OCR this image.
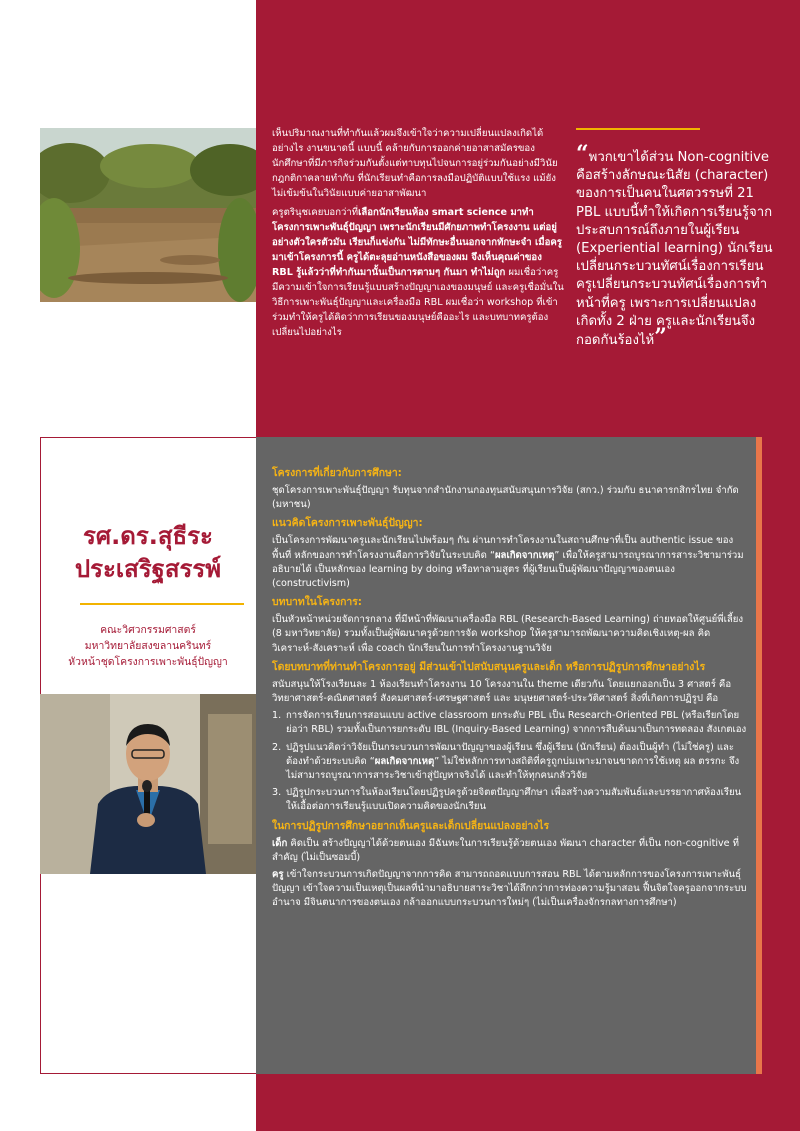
เห็นปริมาณงานที่ทำกันแล้วผมจึงเข้าใจว่าความเปลี่ยนแปลงเกิดได้อย่างไร งานขนาดนี้ แบบนี้ คล้ายกับการออกค่ายอาสาสมัครของนักศึกษาที่มีภารกิจร่วมกันตั้งแต่ทาบทุนไปจนการอยู่ร่วมกันอย่างมีวินัยกฎกติกาคลายทำกับ ที่นักเรียนทำคือการลงมือปฏิบัติแบบใช้แรง แม้ยังไม่เข้มข้นในวินัยแบบค่ายอาสาพัฒนา

ครูตรินุชเคยบอกว่าที่เลือกนักเรียนห้อง smart science มาทำโครงการเพาะพันธุ์ปัญญา เพราะนักเรียนมีศักยภาพทำโครงงาน แต่อยู่อย่างตัวใครตัวมัน เรียนก็แข่งกัน ไม่มีทักษะอื่นนอกจากทักษะจำ เมื่อครูมาเข้าโครงการนี้ ครูได้ตะลุยอ่านหนังสือของผม จึงเห็นคุณค่าของ RBL รู้แล้วว่าที่ทำกันมานั้นเป็นการตามๆ กันมา ทำไม่ถูก ผมเชื่อว่าครูมีความเข้าใจการเรียนรู้แบบสร้างปัญญาเองของมนุษย์ และครูเชื่อมั่นในวิธีการเพาะพันธุ์ปัญญาและเครื่องมือ RBL ผมเชื่อว่า workshop ที่เข้าร่วมทำให้ครูได้คิดว่าการเรียนของมนุษย์คืออะไร และบทบาทครูต้องเปลี่ยนไปอย่างไร

“พวกเขาได้ส่วน Non-cognitive คือสร้างลักษณะนิสัย (character) ของการเป็นคนในศตวรรษที่ 21 PBL แบบนี้ทำให้เกิดการเรียนรู้จากประสบการณ์ถึงภายในผู้เรียน (Experiential learning) นักเรียนเปลี่ยนกระบวนทัศน์เรื่องการเรียน ครูเปลี่ยนกระบวนทัศน์เรื่องการทำหน้าที่ครู เพราะการเปลี่ยนแปลงเกิดทั้ง 2 ฝ่าย ครูและนักเรียนจึงกอดกันร้องไห้”
รศ.ดร.สุธีระ
ประเสริฐสรรพ์
คณะวิศวกรรมศาสตร์
มหาวิทยาลัยสงขลานครินทร์
หัวหน้าชุดโครงการเพาะพันธุ์ปัญญา
โครงการที่เกี่ยวกับการศึกษา:

ชุดโครงการเพาะพันธุ์ปัญญา รับทุนจากสำนักงานกองทุนสนับสนุนการวิจัย (สกว.) ร่วมกับ ธนาคารกสิกรไทย จำกัด (มหาชน)

แนวคิดโครงการเพาะพันธุ์ปัญญา:

เป็นโครงการพัฒนาครูและนักเรียนไปพร้อมๆ กัน ผ่านการทำโครงงานในสถานศึกษาที่เป็น authentic issue ของพื้นที่ หลักของการทำโครงงานคือการวิจัยในระบบคิด “ผลเกิดจากเหตุ” เพื่อให้ครูสามารถบูรณาการสาระวิชามาร่วมอธิบายได้ เป็นหลักของ learning by doing หรือทาลามสูตร ที่ผู้เรียนเป็นผู้พัฒนาปัญญาของตนเอง (constructivism)

บทบาทในโครงการ:

เป็นหัวหน้าหน่วยจัดการกลาง ที่มีหน้าที่พัฒนาเครื่องมือ RBL (Research-Based Learning) ถ่ายทอดให้ศูนย์พี่เลี้ยง (8 มหาวิทยาลัย) รวมทั้งเป็นผู้พัฒนาครูด้วยการจัด workshop ให้ครูสามารถพัฒนาความคิดเชิงเหตุ-ผล คิดวิเคราะห์-สังเคราะห์ เพื่อ coach นักเรียนในการทำโครงงานฐานวิจัย

โดยบทบาทที่ท่านทำโครงการอยู่ มีส่วนเข้าไปสนับสนุนครูและเด็ก หรือการปฏิรูปการศึกษาอย่างไร

สนับสนุนให้โรงเรียนละ 1 ห้องเรียนทำโครงงาน 10 โครงงานใน theme เดียวกัน โดยแยกออกเป็น 3 ศาสตร์ คือ วิทยาศาสตร์-คณิตศาสตร์ สังคมศาสตร์-เศรษฐศาสตร์ และ มนุษยศาสตร์-ประวัติศาสตร์ สิ่งที่เกิดการปฏิรูป คือ

1. การจัดการเรียนการสอนแบบ active classroom ยกระดับ PBL เป็น Research-Oriented PBL (หรือเรียกโดยย่อว่า RBL) รวมทั้งเป็นการยกระดับ IBL (Inquiry-Based Learning) จากการสืบค้นมาเป็นการทดลอง สังเกตเอง
2. ปฏิรูปแนวคิดว่าวิจัยเป็นกระบวนการพัฒนาปัญญาของผู้เรียน ซึ่งผู้เรียน (นักเรียน) ต้องเป็นผู้ทำ (ไม่ใช่ครู) และต้องทำด้วยระบบคิด “ผลเกิดจากเหตุ” ไม่ใช่หลักการทางสถิติที่ครูถูกบ่มเพาะมาจนขาดการใช้เหตุ ผล ตรรกะ จึงไม่สามารถบูรณาการสาระวิชาเข้าสู่ปัญหาจริงได้ และทำให้ทุกคนกลัววิจัย
3. ปฏิรูปกระบวนการในห้องเรียนโดยปฏิรูปครูด้วยจิตตปัญญาศึกษา เพื่อสร้างความสัมพันธ์และบรรยากาศห้องเรียนให้เอื้อต่อการเรียนรู้แบบเปิดความคิดของนักเรียน
ในการปฏิรูปการศึกษาอยากเห็นครูและเด็กเปลี่ยนแปลงอย่างไร

เด็ก คิดเป็น สร้างปัญญาได้ด้วยตนเอง มีฉันทะในการเรียนรู้ด้วยตนเอง พัฒนา character ที่เป็น non-cognitive ที่สำคัญ (ไม่เป็นซอมบี้)

ครู เข้าใจกระบวนการเกิดปัญญาจากการคิด สามารถถอดแบบการสอน RBL ได้ตามหลักการของโครงการเพาะพันธุ์ปัญญา เข้าใจความเป็นเหตุเป็นผลที่นำมาอธิบายสาระวิชาได้ลึกกว่าการท่องความรู้มาสอน ฟื้นจิตใจครูออกจากระบบอำนาจ มีจินตนาการของตนเอง กล้าออกแบบกระบวนการใหม่ๆ (ไม่เป็นเครื่องจักรกลทางการศึกษา)
